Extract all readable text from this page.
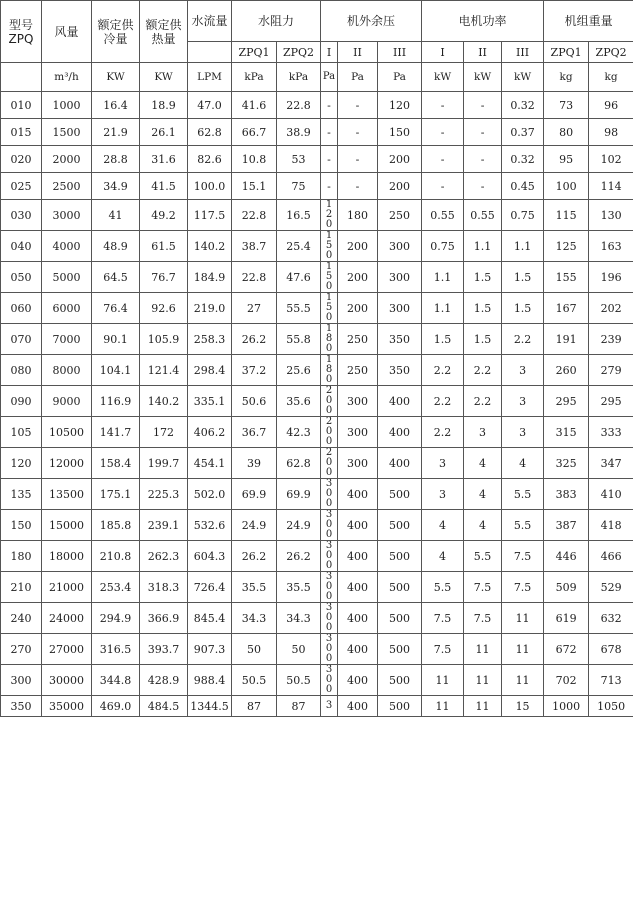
型号ZPQ	风量	额定供冷量	额定供热量	水流量	水阻力		机外余压			电机功率			机组重量	
					ZPQ1	ZPQ2	I	II	III	I	II	III	ZPQ1	ZPQ2
	m³/h	KW	KW	LPM	kPa	kPa	Pa	Pa	Pa	kW	kW	kW	kg	kg
010	1000	16.4	18.9	47.0	41.6	22.8	-	-	120	-	-	0.32	73	96
015	1500	21.9	26.1	62.8	66.7	38.9	-	-	150	-	-	0.37	80	98
020	2000	28.8	31.6	82.6	10.8	53	-	-	200	-	-	0.32	95	102
025	2500	34.9	41.5	100.0	15.1	75	-	-	200	-	-	0.45	100	114
030	3000	41	49.2	117.5	22.8	16.5	120	180	250	0.55	0.55	0.75	115	130
040	4000	48.9	61.5	140.2	38.7	25.4	150	200	300	0.75	1.1	1.1	125	163
050	5000	64.5	76.7	184.9	22.8	47.6	150	200	300	1.1	1.5	1.5	155	196
060	6000	76.4	92.6	219.0	27	55.5	150	200	300	1.1	1.5	1.5	167	202
070	7000	90.1	105.9	258.3	26.2	55.8	180	250	350	1.5	1.5	2.2	191	239
080	8000	104.1	121.4	298.4	37.2	25.6	180	250	350	2.2	2.2	3	260	279
090	9000	116.9	140.2	335.1	50.6	35.6	200	300	400	2.2	2.2	3	295	295
105	10500	141.7	172	406.2	36.7	42.3	200	300	400	2.2	3	3	315	333
120	12000	158.4	199.7	454.1	39	62.8	200	300	400	3	4	4	325	347
135	13500	175.1	225.3	502.0	69.9	69.9	300	400	500	3	4	5.5	383	410
150	15000	185.8	239.1	532.6	24.9	24.9	300	400	500	4	4	5.5	387	418
180	18000	210.8	262.3	604.3	26.2	26.2	300	400	500	4	5.5	7.5	446	466
210	21000	253.4	318.3	726.4	35.5	35.5	300	400	500	5.5	7.5	7.5	509	529
240	24000	294.9	366.9	845.4	34.3	34.3	300	400	500	7.5	7.5	11	619	632
270	27000	316.5	393.7	907.3	50	50	300	400	500	7.5	11	11	672	678
300	30000	344.8	428.9	988.4	50.5	50.5	300	400	500	11	11	11	702	713
350	35000	469.0	484.5	1344.5	87	87	3	400	500	11	11	15	1000	1050
